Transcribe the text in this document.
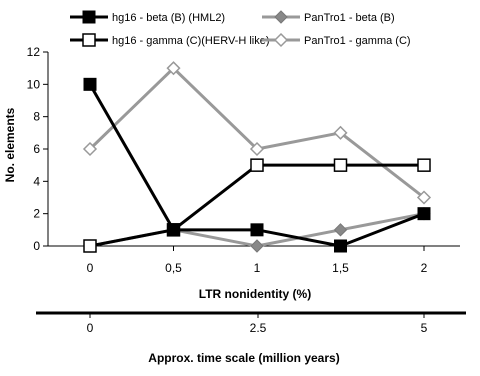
hg16 - beta (B) (HML2)
hg16 - gamma (C)(HERV-H like)
PanTro1 - beta (B)
PanTro1 - gamma (C)
0
2
4
6
8
10
12
0	0,5	1	1,5	2
No. elements
LTR nonidentity (%)
0	2.5	5
Approx. time scale (million years)
